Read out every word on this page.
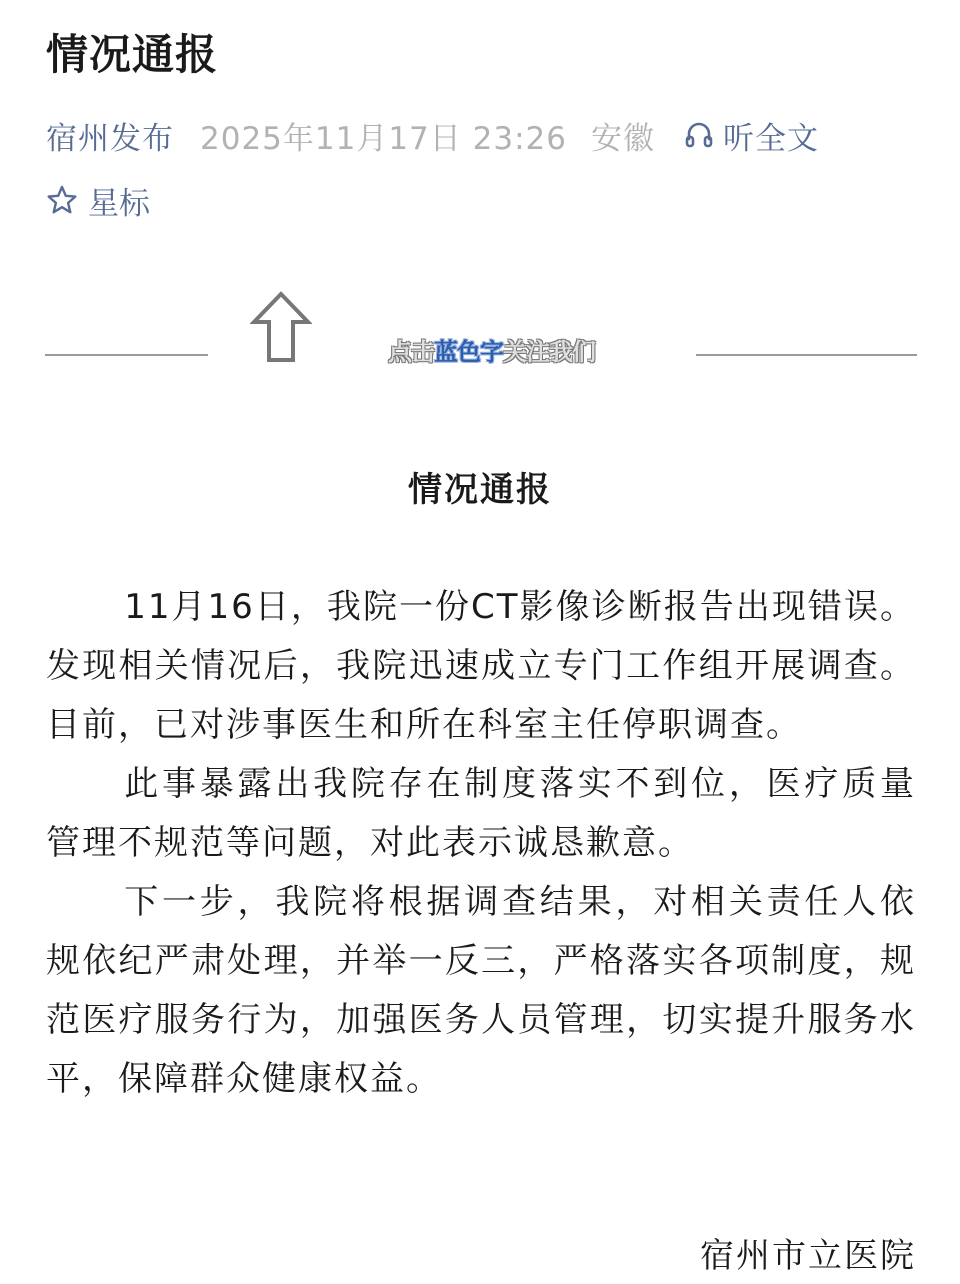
情况通报
宿州发布 2025年11月17日 23:26 安徽 听全文
星标
点击蓝色字关注我们
情况通报

11月16日，我院一份CT影像诊断报告出现错误。发现相关情况后，我院迅速成立专门工作组开展调查。目前，已对涉事医生和所在科室主任停职调查。

此事暴露出我院存在制度落实不到位，医疗质量管理不规范等问题，对此表示诚恳歉意。

下一步，我院将根据调查结果，对相关责任人依规依纪严肃处理，并举一反三，严格落实各项制度，规范医疗服务行为，加强医务人员管理，切实提升服务水平，保障群众健康权益。

宿州市立医院
